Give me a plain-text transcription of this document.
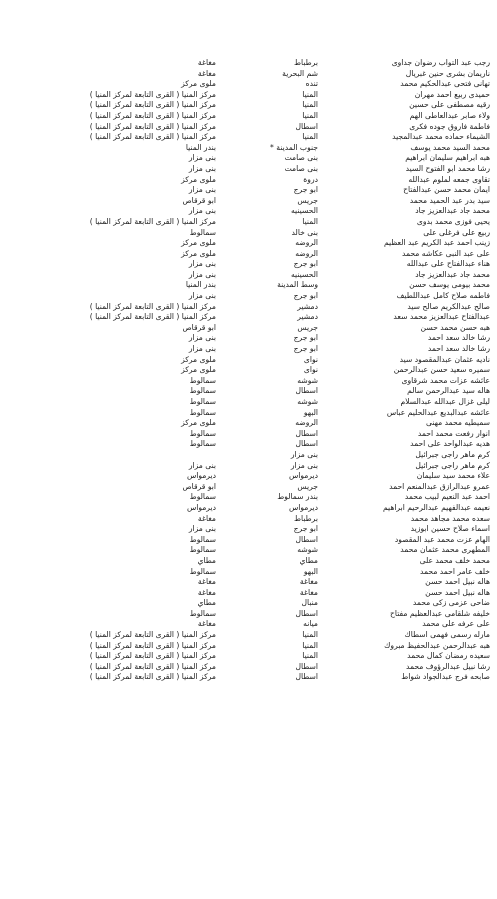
رجب عبد التواب رضوان جداوى
برطباط
مغاغة
ناريمان بشرى حنين غبريال
شم البحرية
مغاغة
تهانى فتحى عبدالحكيم محمد
تنده
ملوى مركز
حميدى ربيع احمد مهران
المنيا
مركز المنيا ( القرى التابعة لمركز المنيا )
رقيه مصطفى على حسين
المنيا
مركز المنيا ( القرى التابعة لمركز المنيا )
ولاء صابر عبدالعاطى الهم
المنيا
مركز المنيا ( القرى التابعة لمركز المنيا )
فاطمة فاروق جوده فكرى
اسطال
مركز المنيا ( القرى التابعة لمركز المنيا )
الشيماء حماده محمد عبدالمجيد
المنيا
مركز المنيا ( القرى التابعة لمركز المنيا )
محمد السيد محمد يوسف
جنوب المدينة *
بندر المنيا
هبه ابراهيم سليمان ابراهيم
بنى صامت
بنى مزار
رشا محمد ابو الفتوح السيد
بنى صامت
بنى مزار
تقاوى جمعه لملوم عبدالله
دروة
ملوى مركز
ايمان محمد حسن عبدالفتاح
ابو جرج
بنى مزار
سيد بدر عبد الحميد محمد
جريس
ابو قرقاص
محمد جاد عبدالعزيز جاد
الحسينيه
بنى مزار
يحيى فوزى محمد بدوى
المنيا
مركز المنيا ( القرى التابعة لمركز المنيا )
ربيع على فرغلى على
بنى خالد
سمالوط
زينب احمد عبد الكريم عبد العظيم
الروضه
ملوى مركز
على عبد النبى عكاشه محمد
الروضه
ملوى مركز
هناء عبدالفتاح على عبدالله
ابو جرج
بنى مزار
محمد جاد عبدالعزيز جاد
الحسينيه
بنى مزار
محمد بيومى يوسف حسن
وسط المدينة
بندر المنيا
فاطمه صلاح كامل عبداللطيف
ابو جرج
بنى مزار
صالح عبدالكريم صالح سيد
دمشير
مركز المنيا ( القرى التابعة لمركز المنيا )
عبدالفتاح عبدالعزيز محمد سعد
دمشير
مركز المنيا ( القرى التابعة لمركز المنيا )
هبه حسن محمد حسن
جريس
ابو قرقاص
رشا خالد سعد احمد
ابو جرج
بنى مزار
رشا خالد سعد احمد
ابو جرج
بنى مزار
ناديه عثمان عبدالمقصود سيد
نواى
ملوى مركز
سميره سعيد حسن عبدالرحمن
نواى
ملوى مركز
عائشه عزات محمد شرقاوى
شوشه
سمالوط
هاله سيد عبدالرحمن سالم
اسطال
سمالوط
ليلى غزال عبدالله عبدالسلام
شوشه
سمالوط
عائشه عبدالبديع عبدالحليم عباس
البهو
سمالوط
سميطيه محمد مهنى
الروضه
ملوى مركز
انوار رفعت محمد احمد
اسطال
سمالوط
هديه عبدالواحد على احمد
اسطال
سمالوط
كرم ماهر راجى جبرائيل
بنى مزار
كرم ماهر راجى جبرائيل
بنى مزار
بنى مزار
علاء محمد سيد سليمان
ديرمواس
ديرمواس
عمرو عبدالرازق عبدالمنعم احمد
جريس
ابو قرقاص
احمد عبد النعيم لبيب محمد
بندر سمالوط
سمالوط
نعيمه عبدالفهيم عبدالرحيم ابراهيم
ديرمواس
ديرمواس
سعده محمد مجاهد محمد
برطباط
مغاغة
اسماء صلاح حسين ابوزيد
ابو جرج
بنى مزار
الهام عزت محمد عبد المقصود
اسطال
سمالوط
المطهرى محمد عثمان محمد
شوشه
سمالوط
محمد خلف محمد على
مطاي
مطاي
خلف عامر احمد محمد
البهو
سمالوط
هاله نبيل احمد حسن
مغاغة
مغاغة
هاله نبيل احمد حسن
مغاغة
مغاغة
ضاحى عزمى زكى محمد
منبال
مطاي
خليفه شلقامى عبدالعظيم مفتاح
اسطال
سمالوط
على عرفه على محمد
ميانه
مغاغة
مارله رسمى فهمى اسطاك
المنيا
مركز المنيا ( القرى التابعة لمركز المنيا )
هبه عبدالرحمن عبدالحفيظ مبروك
المنيا
مركز المنيا ( القرى التابعة لمركز المنيا )
سعيده رمضان كمال محمد
المنيا
مركز المنيا ( القرى التابعة لمركز المنيا )
رشا نبيل عبدالرؤوف محمد
اسطال
مركز المنيا ( القرى التابعة لمركز المنيا )
صابحه فرج عبدالجواد شواط
اسطال
مركز المنيا ( القرى التابعة لمركز المنيا )
